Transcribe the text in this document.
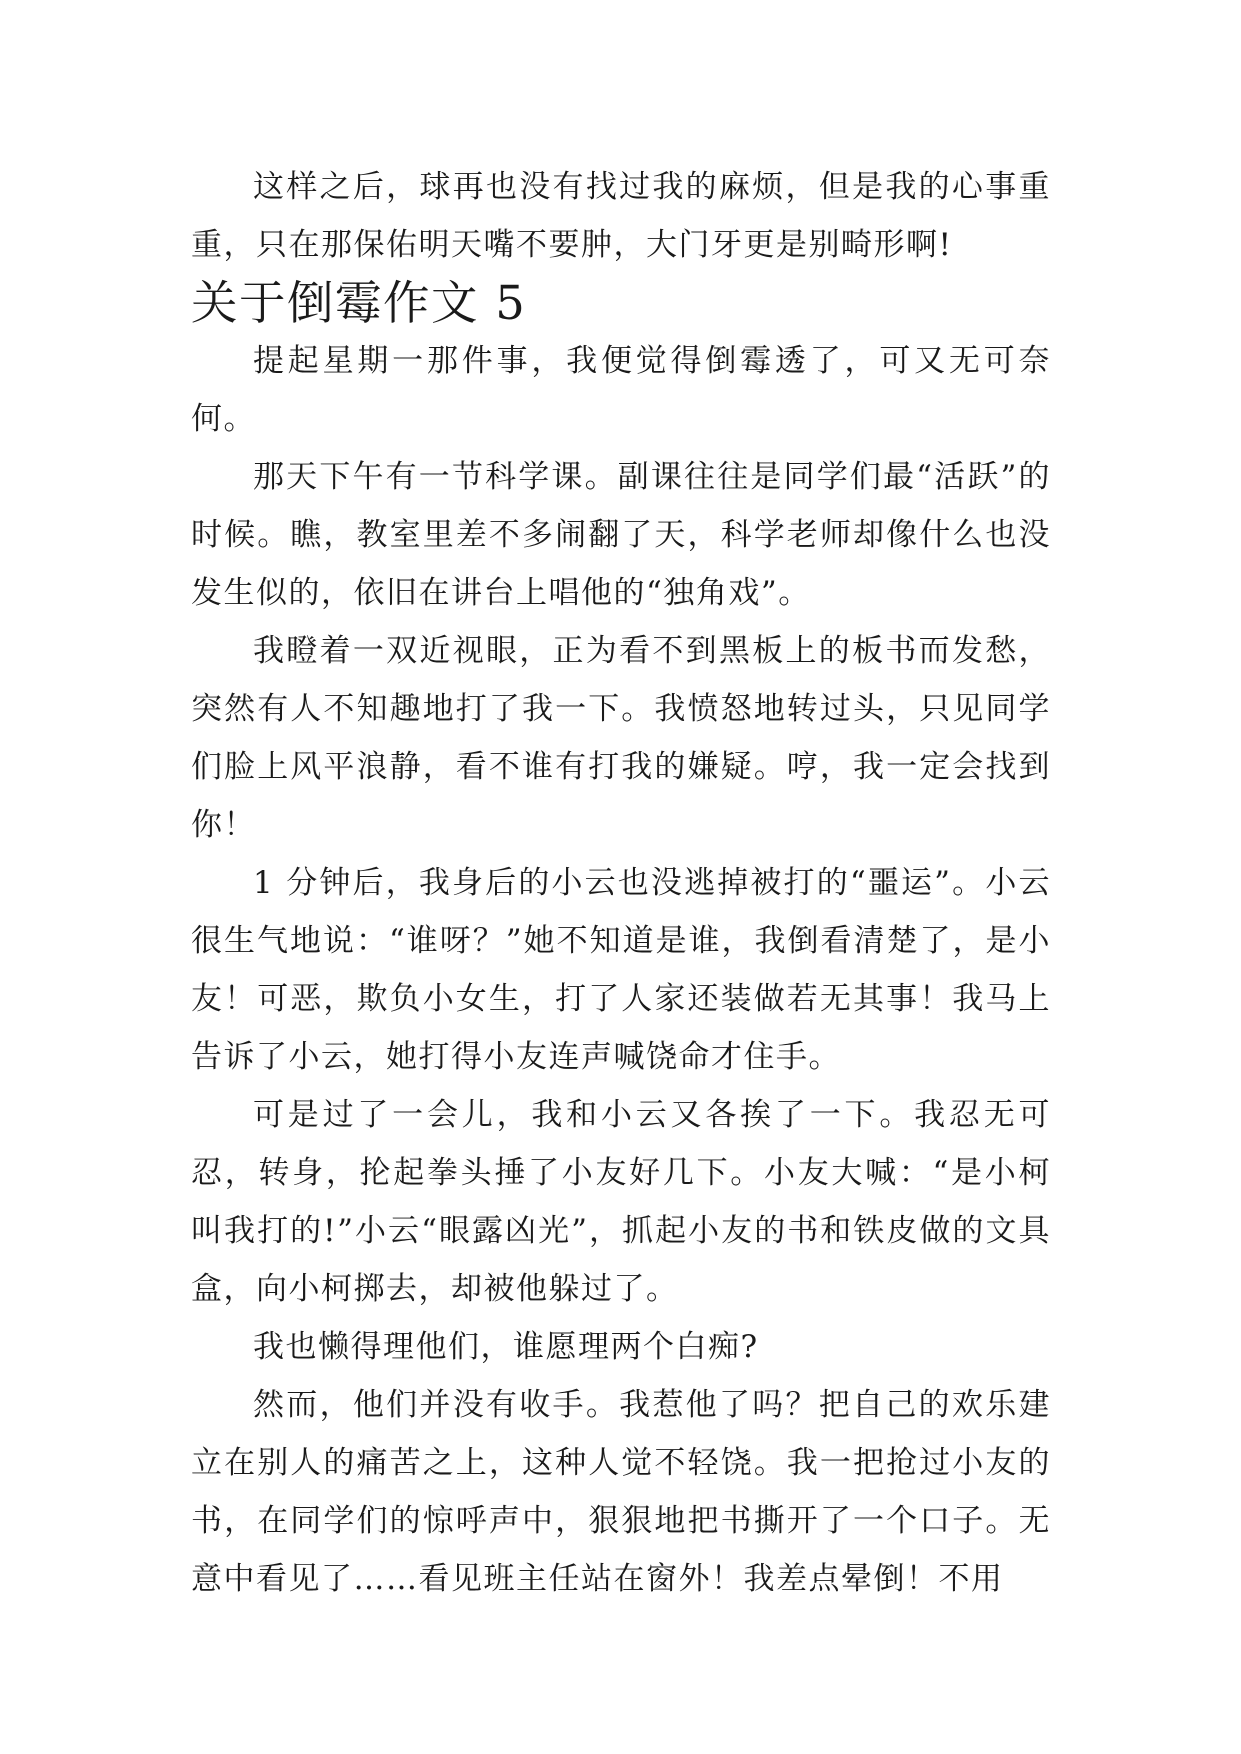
这样之后，球再也没有找过我的麻烦，但是我的心事重重，只在那保佑明天嘴不要肿，大门牙更是别畸形啊!

关于倒霉作文 5

提起星期一那件事，我便觉得倒霉透了，可又无可奈何。

那天下午有一节科学课。副课往往是同学们最“活跃”的时候。瞧，教室里差不多闹翻了天，科学老师却像什么也没发生似的，依旧在讲台上唱他的“独角戏”。

我瞪着一双近视眼，正为看不到黑板上的板书而发愁，突然有人不知趣地打了我一下。我愤怒地转过头，只见同学们脸上风平浪静，看不谁有打我的嫌疑。哼，我一定会找到你！

1 分钟后，我身后的小云也没逃掉被打的“噩运”。小云很生气地说：“谁呀？”她不知道是谁，我倒看清楚了，是小友！可恶，欺负小女生，打了人家还装做若无其事！我马上告诉了小云，她打得小友连声喊饶命才住手。

可是过了一会儿，我和小云又各挨了一下。我忍无可忍，转身，抡起拳头捶了小友好几下。小友大喊：“是小柯叫我打的!”小云“眼露凶光”，抓起小友的书和铁皮做的文具盒，向小柯掷去，却被他躲过了。

我也懒得理他们，谁愿理两个白痴?

然而，他们并没有收手。我惹他了吗？把自己的欢乐建立在别人的痛苦之上，这种人觉不轻饶。我一把抢过小友的书，在同学们的惊呼声中，狠狠地把书撕开了一个口子。无意中看见了……看见班主任站在窗外！我差点晕倒！不用
